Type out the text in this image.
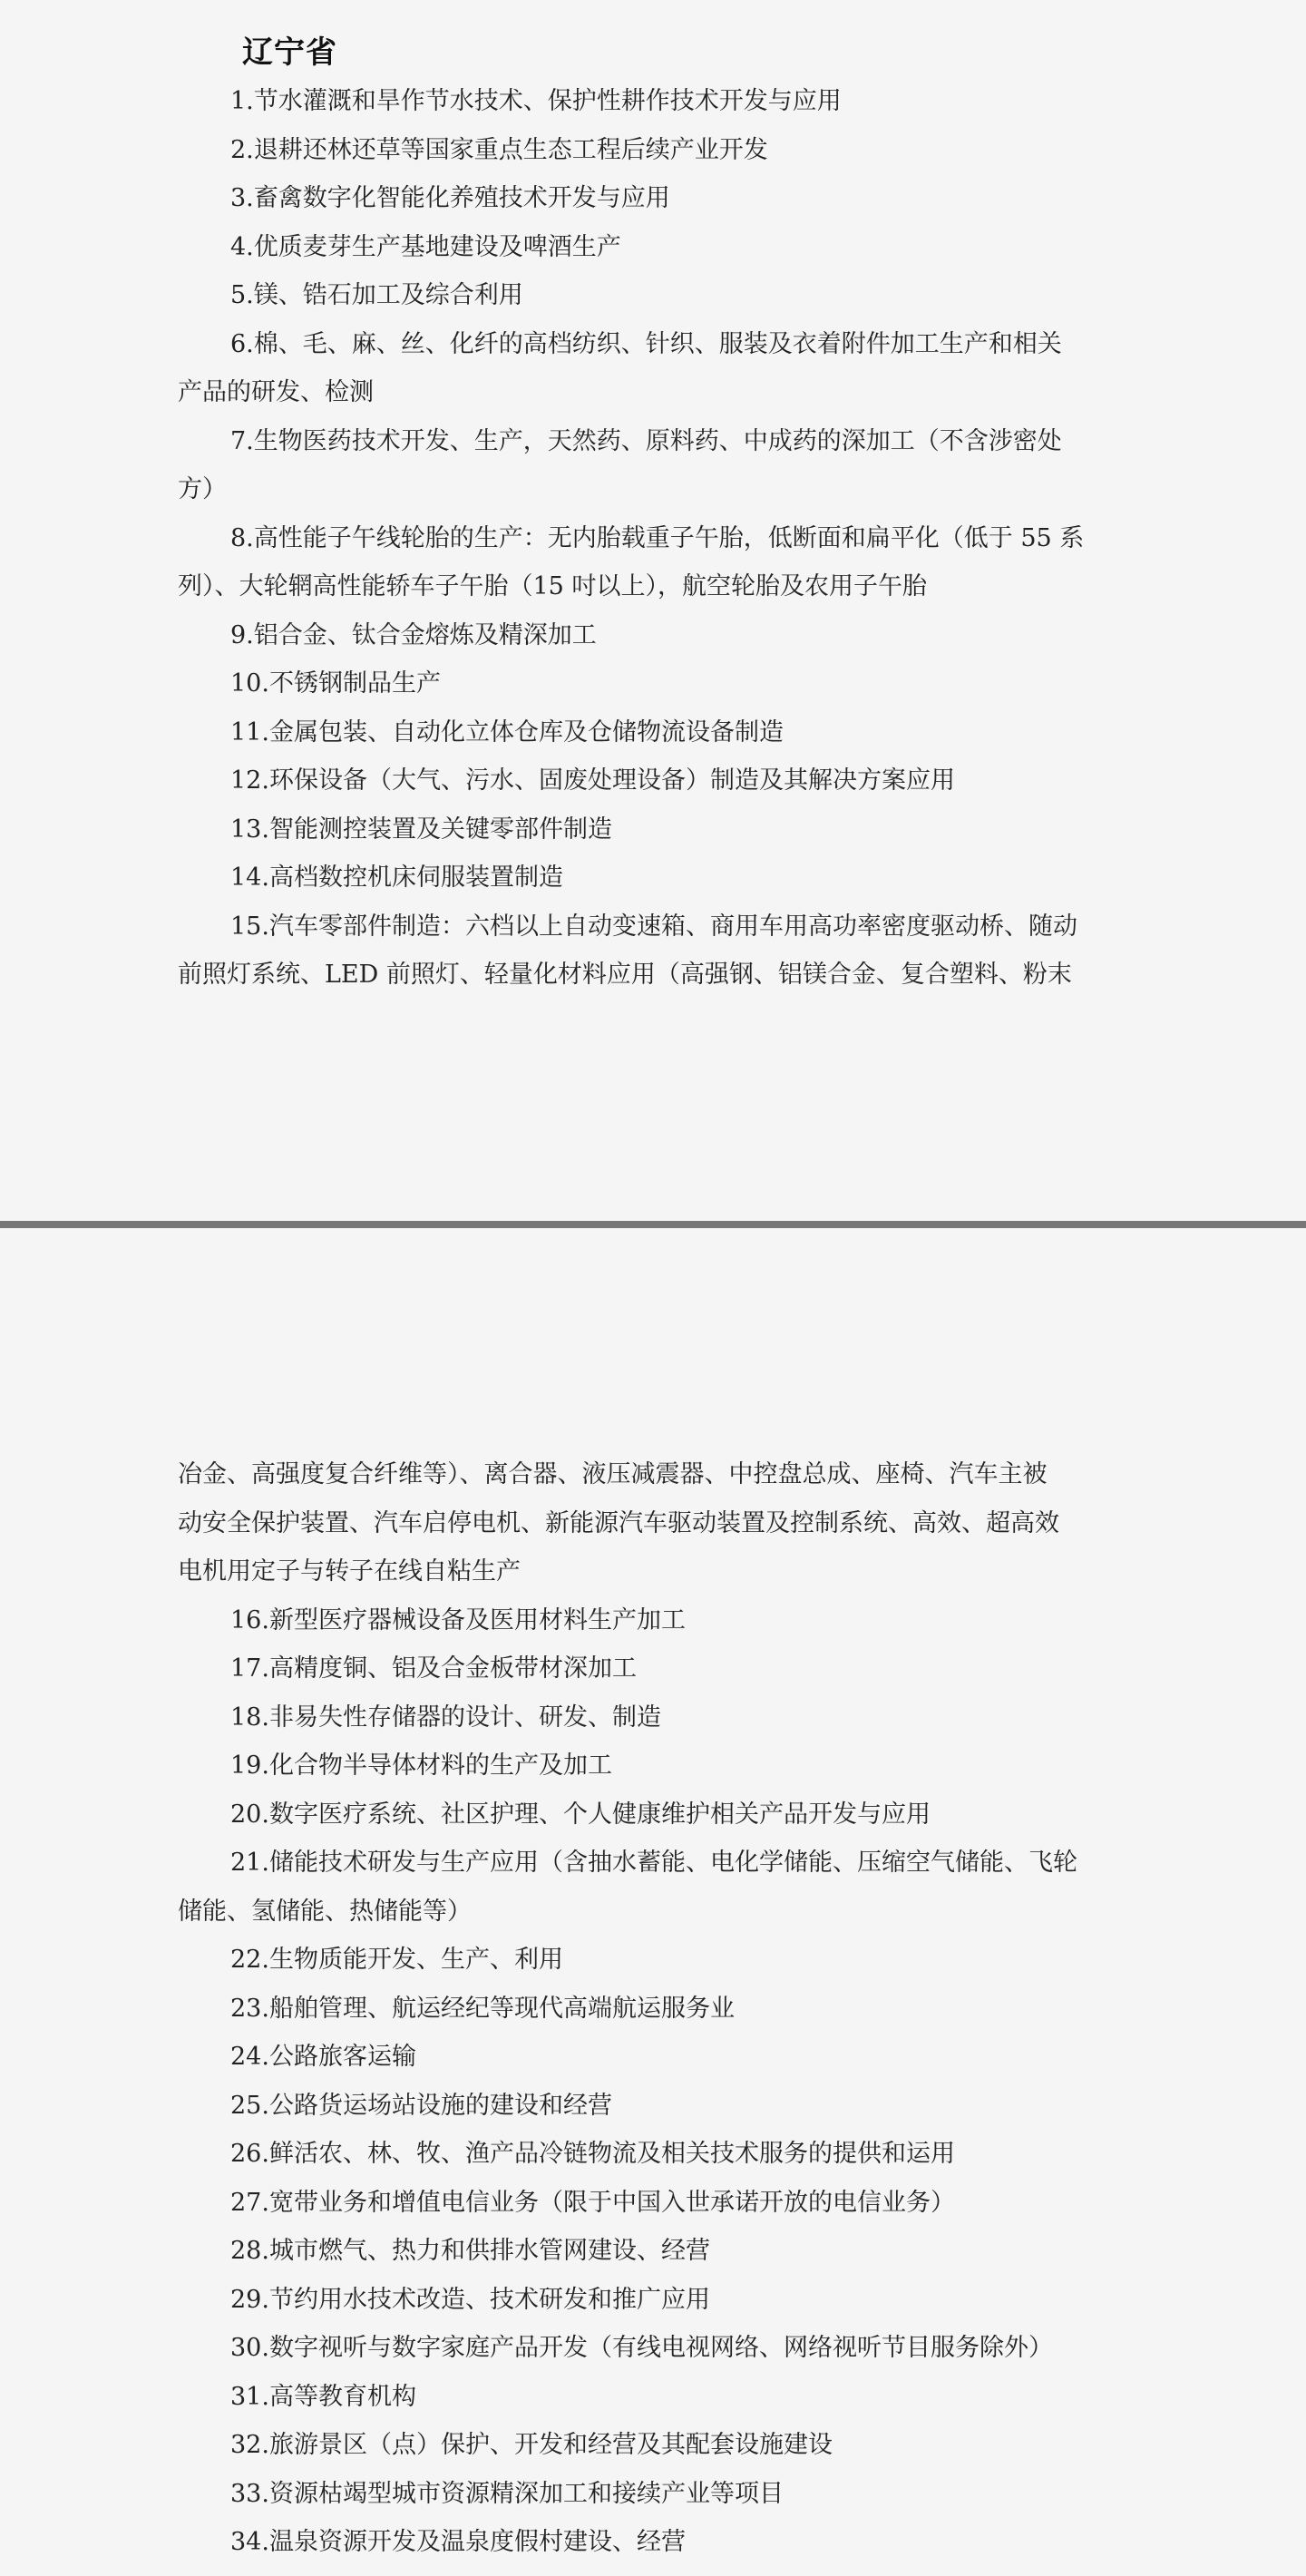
辽宁省
1.节水灌溉和旱作节水技术、保护性耕作技术开发与应用
2.退耕还林还草等国家重点生态工程后续产业开发
3.畜禽数字化智能化养殖技术开发与应用
4.优质麦芽生产基地建设及啤酒生产
5.镁、锆石加工及综合利用
6.棉、毛、麻、丝、化纤的高档纺织、针织、服装及衣着附件加工生产和相关
产品的研发、检测
7.生物医药技术开发、生产，天然药、原料药、中成药的深加工（不含涉密处
方）
8.高性能子午线轮胎的生产：无内胎载重子午胎，低断面和扁平化（低于 55 系
列）、大轮辋高性能轿车子午胎（15 吋以上），航空轮胎及农用子午胎
9.铝合金、钛合金熔炼及精深加工
10.不锈钢制品生产
11.金属包装、自动化立体仓库及仓储物流设备制造
12.环保设备（大气、污水、固废处理设备）制造及其解决方案应用
13.智能测控装置及关键零部件制造
14.高档数控机床伺服装置制造
15.汽车零部件制造：六档以上自动变速箱、商用车用高功率密度驱动桥、随动
前照灯系统、LED 前照灯、轻量化材料应用（高强钢、铝镁合金、复合塑料、粉末
冶金、高强度复合纤维等）、离合器、液压减震器、中控盘总成、座椅、汽车主被
动安全保护装置、汽车启停电机、新能源汽车驱动装置及控制系统、高效、超高效
电机用定子与转子在线自粘生产
16.新型医疗器械设备及医用材料生产加工
17.高精度铜、铝及合金板带材深加工
18.非易失性存储器的设计、研发、制造
19.化合物半导体材料的生产及加工
20.数字医疗系统、社区护理、个人健康维护相关产品开发与应用
21.储能技术研发与生产应用（含抽水蓄能、电化学储能、压缩空气储能、飞轮
储能、氢储能、热储能等）
22.生物质能开发、生产、利用
23.船舶管理、航运经纪等现代高端航运服务业
24.公路旅客运输
25.公路货运场站设施的建设和经营
26.鲜活农、林、牧、渔产品冷链物流及相关技术服务的提供和运用
27.宽带业务和增值电信业务（限于中国入世承诺开放的电信业务）
28.城市燃气、热力和供排水管网建设、经营
29.节约用水技术改造、技术研发和推广应用
30.数字视听与数字家庭产品开发（有线电视网络、网络视听节目服务除外）
31.高等教育机构
32.旅游景区（点）保护、开发和经营及其配套设施建设
33.资源枯竭型城市资源精深加工和接续产业等项目
34.温泉资源开发及温泉度假村建设、经营
